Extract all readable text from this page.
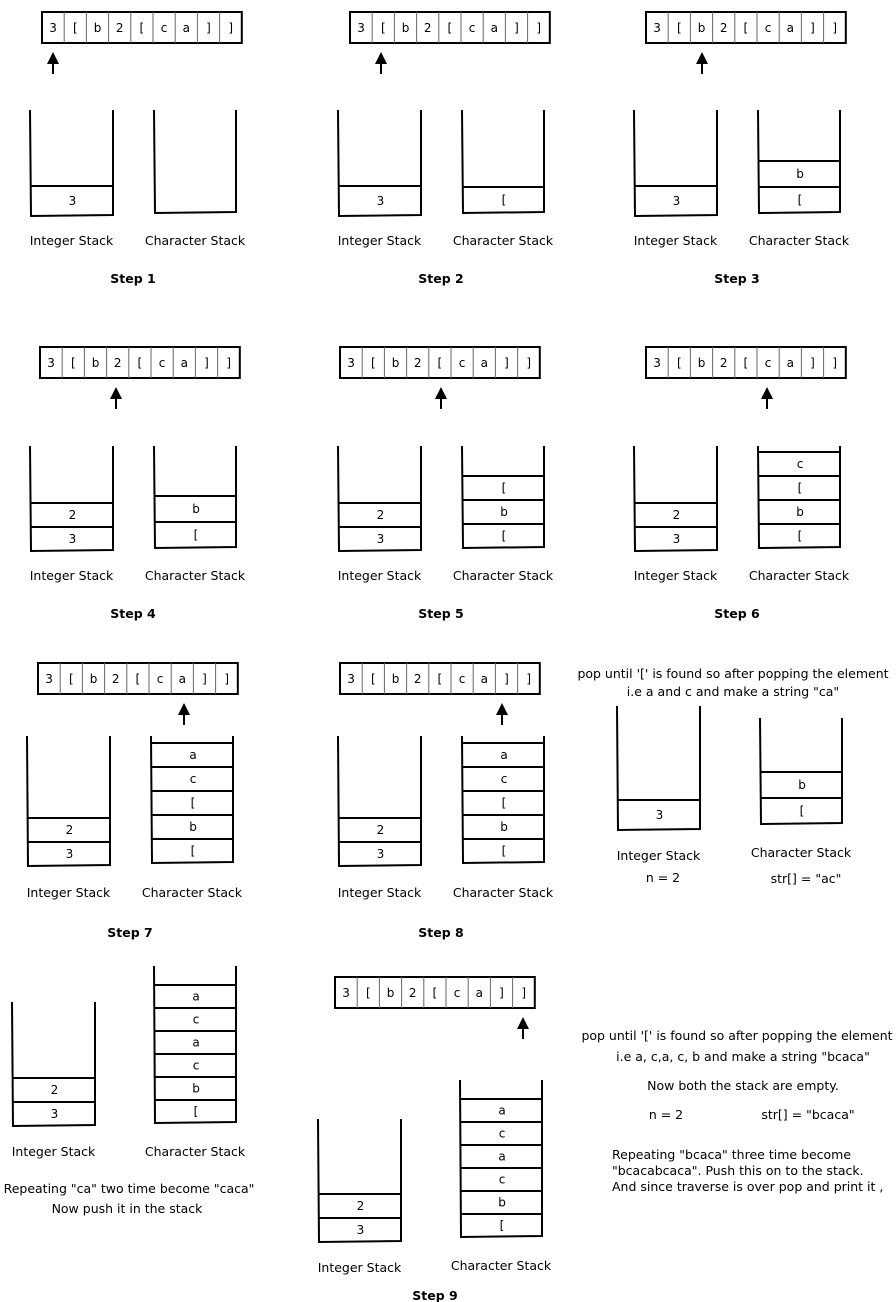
3 [ b 2 [ c a ] ]
3
Integer Stack	Character Stack
Step 1
3 [ b 2 [ c a ] ]
3
Integer Stack
[
Character Stack
Step 2
3 [ b 2 [ c a ] ]
3
Integer Stack
[
b
Character Stack
Step 3
3 [ b 2 [ c a ] ]
3
2
Integer Stack
[
b
Character Stack
Step 4
3 [ b 2 [ c a ] ]
3
2
Integer Stack
[
b
[
Character Stack
Step 5
3 [ b 2 [ c a ] ]
3
2
Integer Stack
[
b
[
c
Character Stack
Step 6
3 [ b 2 [ c a ] ]
3
2
Integer Stack
[
b
[
c
a
Character Stack
Step 7
3 [ b 2 [ c a ] ]
3
2
Integer Stack
[
b
[
c
a
Character Stack
Step 8
pop until '[' is found so after popping the element
i.e a and c and make a string "ca"
3
Integer Stack
[
b
Character Stack
n = 2	str[] = "ac"
3
2
Integer Stack
[
b
c
a
c
a
Character Stack
Repeating "ca" two time become "caca"
Now push it in the stack
3 [ b 2 [ c a ] ]
3
2
Integer Stack
[
b
c
a
c
a
Character Stack
Step 9
pop until '[' is found so after popping the element
i.e a, c,a, c, b and make a string "bcaca"
Now both the stack are empty.
n = 2	str[] = "bcaca"
Repeating "bcaca" three time become
"bcacabcaca". Push this on to the stack.
And since traverse is over pop and print it ,
